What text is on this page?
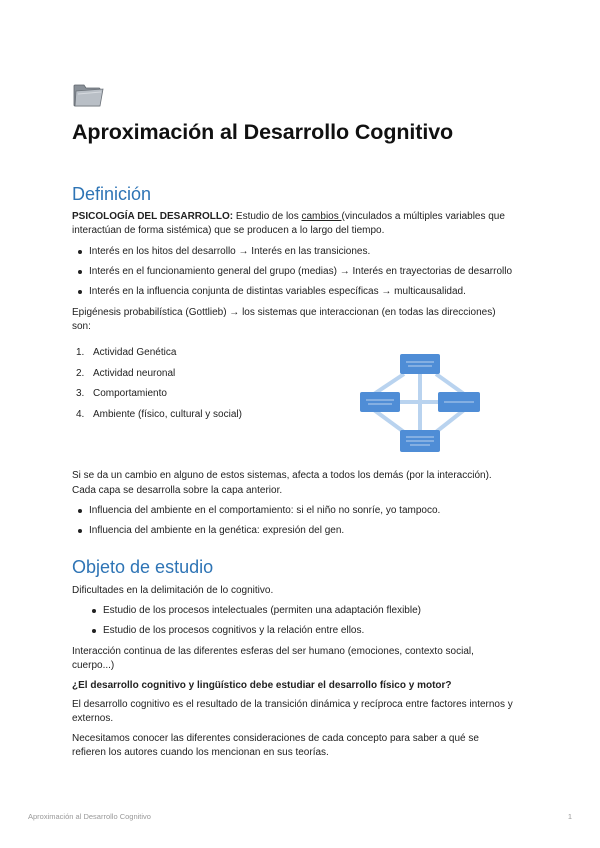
Aproximación al Desarrollo Cognitivo
Definición

PSICOLOGÍA DEL DESARROLLO: Estudio de los cambios (vinculados a múltiples variables que interactúan de forma sistémica) que se producen a lo largo del tiempo.

Interés en los hitos del desarrollo → Interés en las transiciones.
Interés en el funcionamiento general del grupo (medias) → Interés en trayectorias de desarrollo
Interés en la influencia conjunta de distintas variables específicas → multicausalidad.

Epigénesis probabilística (Gottlieb) → los sistemas que interaccionan (en todas las direcciones) son:

1. Actividad Genética
2. Actividad neuronal
3. Comportamiento
4. Ambiente (físico, cultural y social)

Si se da un cambio en alguno de estos sistemas, afecta a todos los demás (por la interacción).

Cada capa se desarrolla sobre la capa anterior.

Influencia del ambiente en el comportamiento: si el niño no sonríe, yo tampoco.
Influencia del ambiente en la genética: expresión del gen.
Objeto de estudio

Dificultades en la delimitación de lo cognitivo.

Estudio de los procesos intelectuales (permiten una adaptación flexible)
Estudio de los procesos cognitivos y la relación entre ellos.

Interacción continua de las diferentes esferas del ser humano (emociones, contexto social, cuerpo...)

¿El desarrollo cognitivo y lingüístico debe estudiar el desarrollo físico y motor?

El desarrollo cognitivo es el resultado de la transición dinámica y recíproca entre factores internos y externos.

Necesitamos conocer las diferentes consideraciones de cada concepto para saber a qué se refieren los autores cuando los mencionan en sus teorías.

Aproximación al Desarrollo Cognitivo	1
